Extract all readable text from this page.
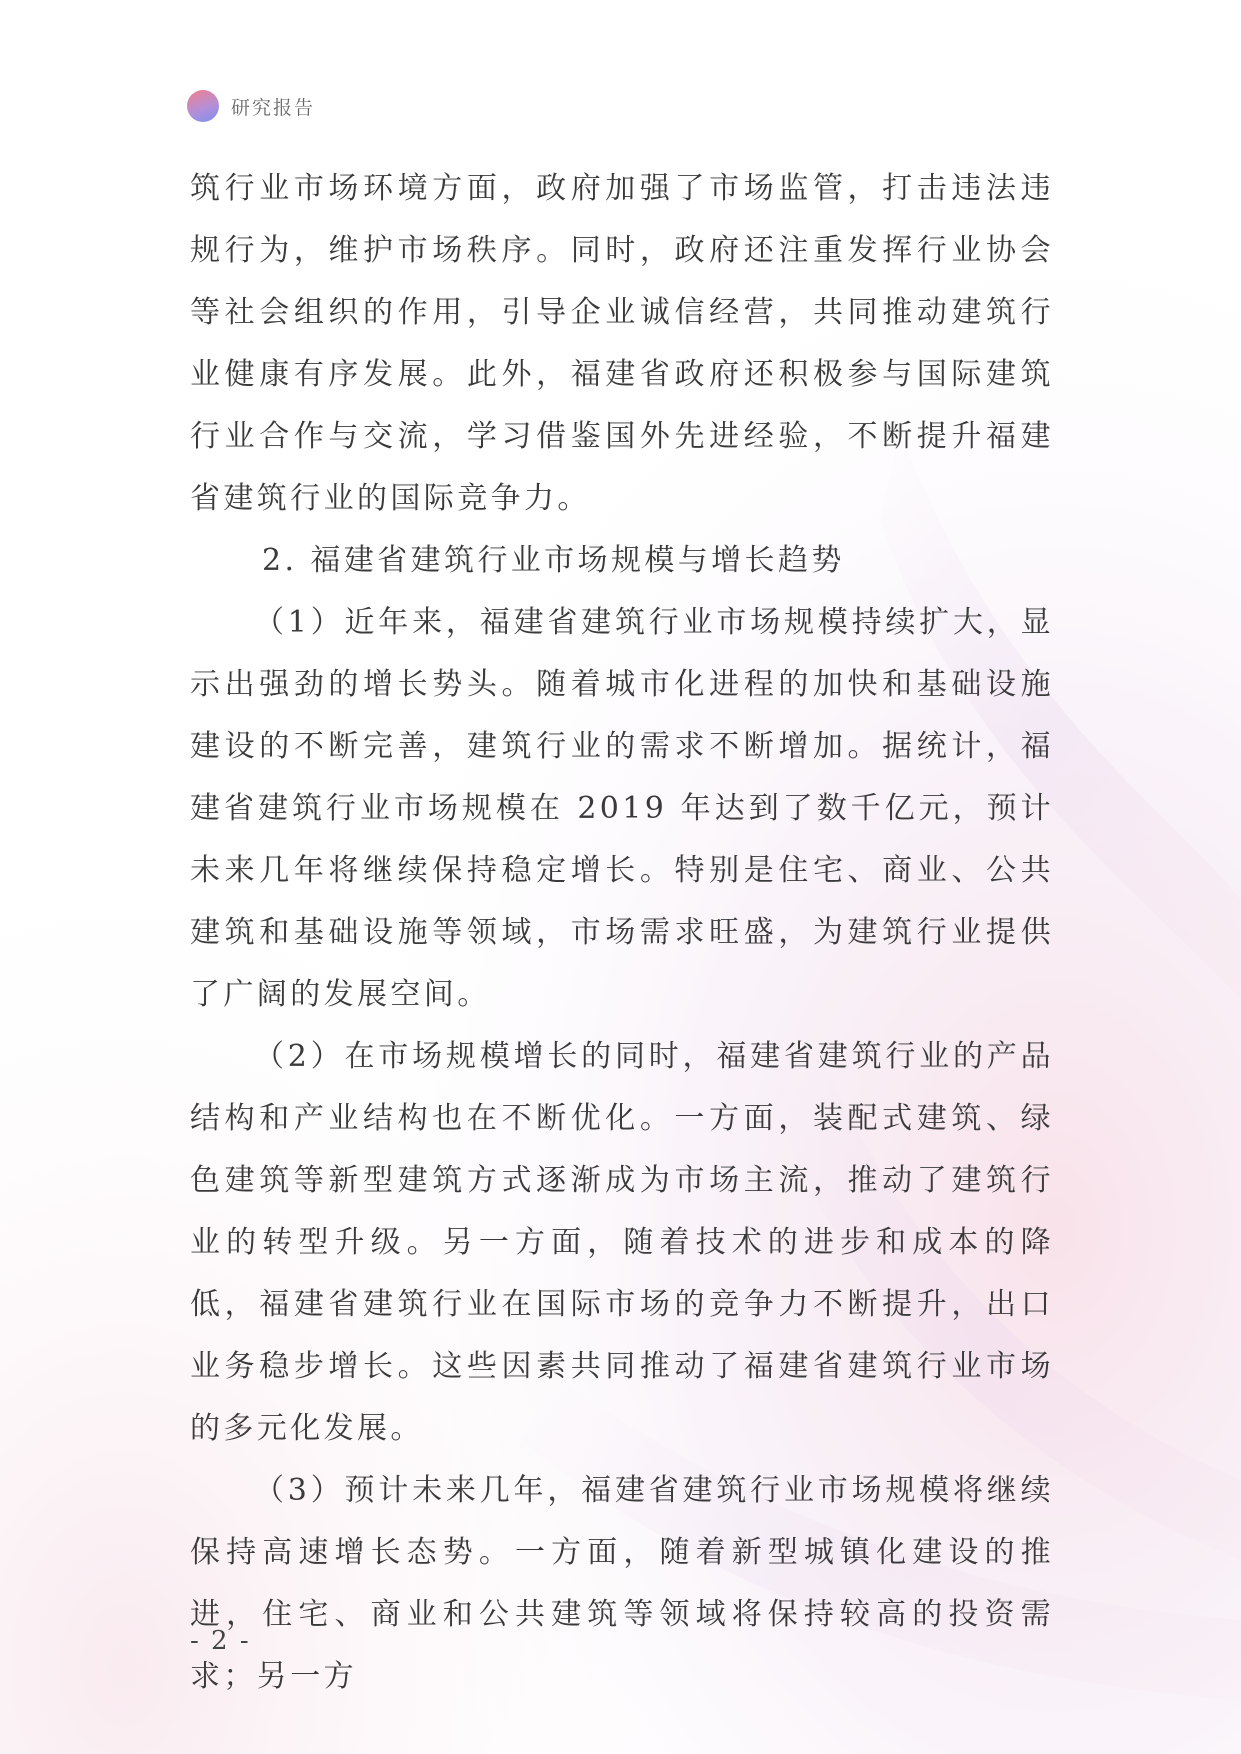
研究报告

筑行业市场环境方面，政府加强了市场监管，打击违法违规行为，维护市场秩序。同时，政府还注重发挥行业协会等社会组织的作用，引导企业诚信经营，共同推动建筑行业健康有序发展。此外，福建省政府还积极参与国际建筑行业合作与交流，学习借鉴国外先进经验，不断提升福建省建筑行业的国际竞争力。

2. 福建省建筑行业市场规模与增长趋势

（1）近年来，福建省建筑行业市场规模持续扩大，显示出强劲的增长势头。随着城市化进程的加快和基础设施建设的不断完善，建筑行业的需求不断增加。据统计，福建省建筑行业市场规模在 2019 年达到了数千亿元，预计未来几年将继续保持稳定增长。特别是住宅、商业、公共建筑和基础设施等领域，市场需求旺盛，为建筑行业提供了广阔的发展空间。

（2）在市场规模增长的同时，福建省建筑行业的产品结构和产业结构也在不断优化。一方面，装配式建筑、绿色建筑等新型建筑方式逐渐成为市场主流，推动了建筑行业的转型升级。另一方面，随着技术的进步和成本的降低，福建省建筑行业在国际市场的竞争力不断提升，出口业务稳步增长。这些因素共同推动了福建省建筑行业市场的多元化发展。

（3）预计未来几年，福建省建筑行业市场规模将继续保持高速增长态势。一方面，随着新型城镇化建设的推进，住宅、商业和公共建筑等领域将保持较高的投资需求；另一方

- 2 -
